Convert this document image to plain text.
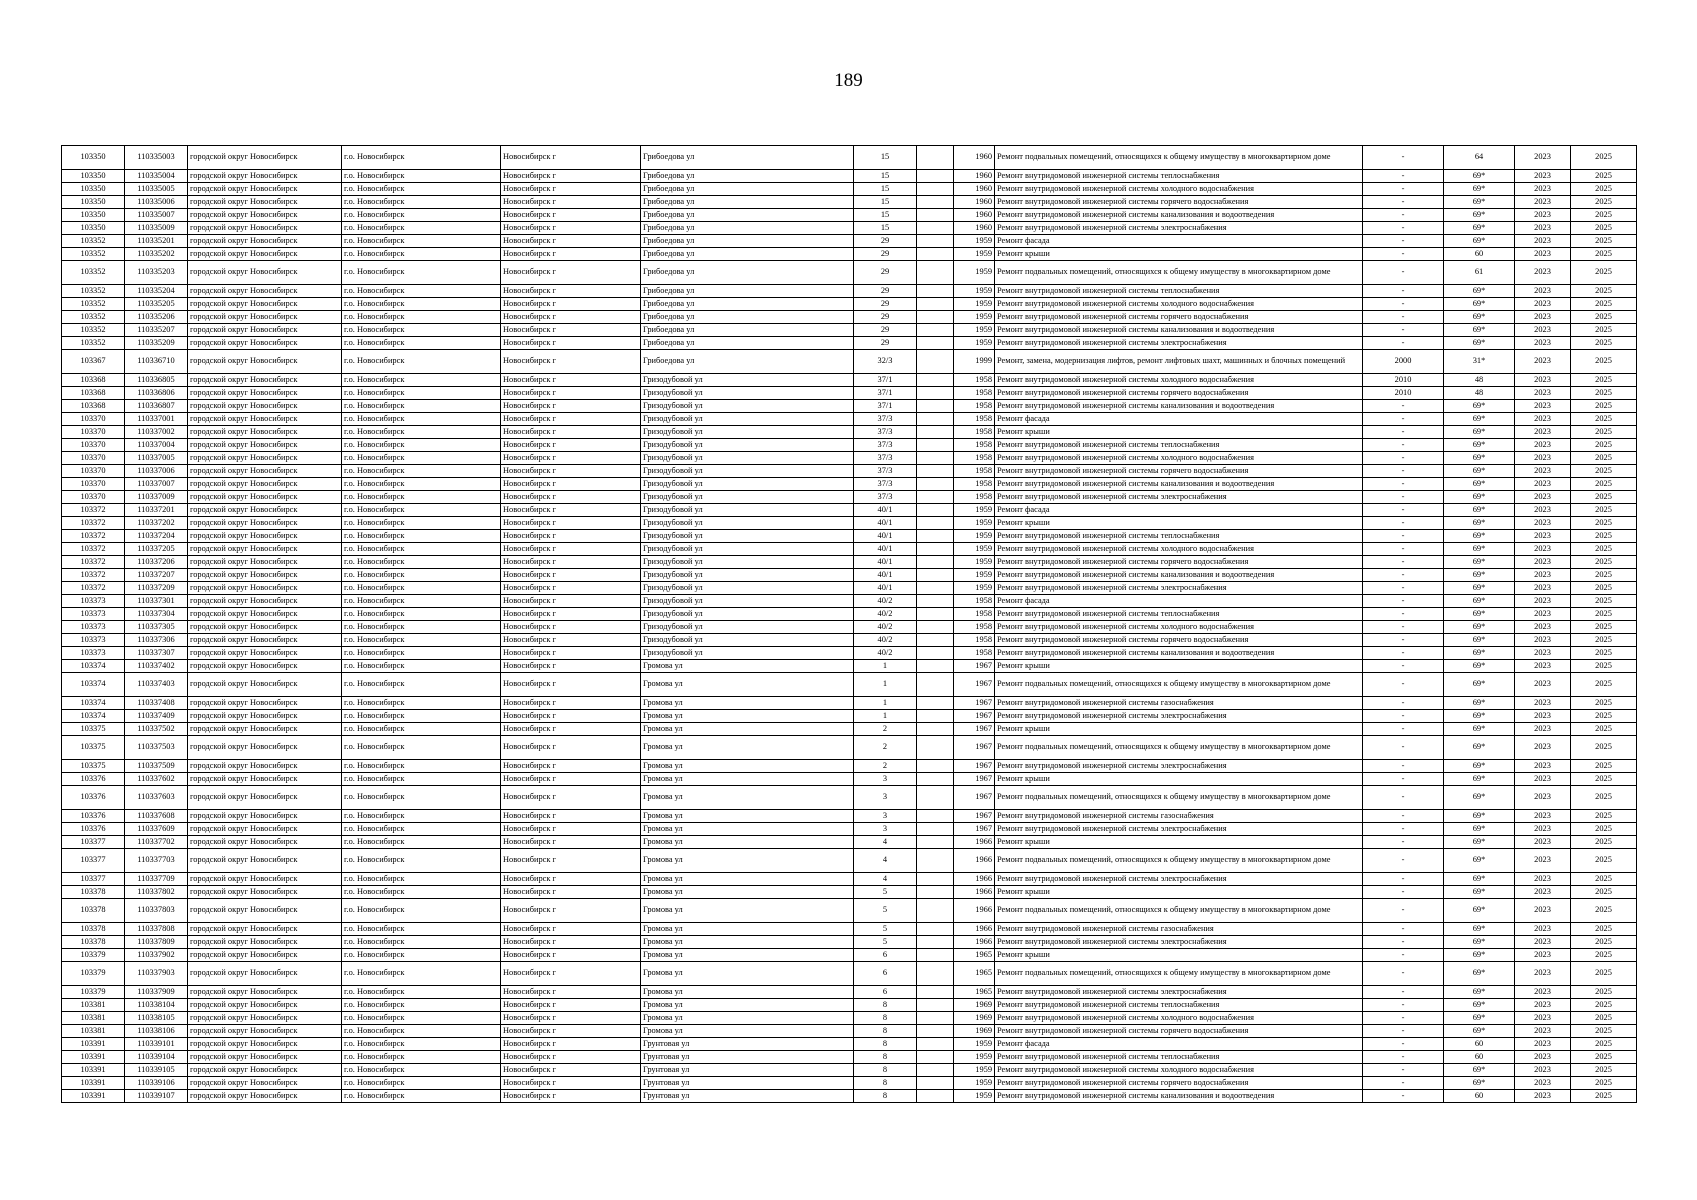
189
103350	110335003	городской округ Новосибирск	г.о. Новосибирск	Новосибирск г	Грибоедова ул	15		1960	Ремонт подвальных помещений, относящихся к общему имуществу в многоквартирном доме	-	64	2023	2025
103350	110335004	городской округ Новосибирск	г.о. Новосибирск	Новосибирск г	Грибоедова ул	15		1960	Ремонт внутридомовой инженерной системы теплоснабжения	-	69*	2023	2025
103350	110335005	городской округ Новосибирск	г.о. Новосибирск	Новосибирск г	Грибоедова ул	15		1960	Ремонт внутридомовой инженерной системы холодного водоснабжения	-	69*	2023	2025
103350	110335006	городской округ Новосибирск	г.о. Новосибирск	Новосибирск г	Грибоедова ул	15		1960	Ремонт внутридомовой инженерной системы горячего водоснабжения	-	69*	2023	2025
103350	110335007	городской округ Новосибирск	г.о. Новосибирск	Новосибирск г	Грибоедова ул	15		1960	Ремонт внутридомовой инженерной системы канализования и водоотведения	-	69*	2023	2025
103350	110335009	городской округ Новосибирск	г.о. Новосибирск	Новосибирск г	Грибоедова ул	15		1960	Ремонт внутридомовой инженерной системы электроснабжения	-	69*	2023	2025
103352	110335201	городской округ Новосибирск	г.о. Новосибирск	Новосибирск г	Грибоедова ул	29		1959	Ремонт фасада	-	69*	2023	2025
103352	110335202	городской округ Новосибирск	г.о. Новосибирск	Новосибирск г	Грибоедова ул	29		1959	Ремонт крыши	-	60	2023	2025
103352	110335203	городской округ Новосибирск	г.о. Новосибирск	Новосибирск г	Грибоедова ул	29		1959	Ремонт подвальных помещений, относящихся к общему имуществу в многоквартирном доме	-	61	2023	2025
103352	110335204	городской округ Новосибирск	г.о. Новосибирск	Новосибирск г	Грибоедова ул	29		1959	Ремонт внутридомовой инженерной системы теплоснабжения	-	69*	2023	2025
103352	110335205	городской округ Новосибирск	г.о. Новосибирск	Новосибирск г	Грибоедова ул	29		1959	Ремонт внутридомовой инженерной системы холодного водоснабжения	-	69*	2023	2025
103352	110335206	городской округ Новосибирск	г.о. Новосибирск	Новосибирск г	Грибоедова ул	29		1959	Ремонт внутридомовой инженерной системы горячего водоснабжения	-	69*	2023	2025
103352	110335207	городской округ Новосибирск	г.о. Новосибирск	Новосибирск г	Грибоедова ул	29		1959	Ремонт внутридомовой инженерной системы канализования и водоотведения	-	69*	2023	2025
103352	110335209	городской округ Новосибирск	г.о. Новосибирск	Новосибирск г	Грибоедова ул	29		1959	Ремонт внутридомовой инженерной системы электроснабжения	-	69*	2023	2025
103367	110336710	городской округ Новосибирск	г.о. Новосибирск	Новосибирск г	Грибоедова ул	32/3		1999	Ремонт, замена, модернизация лифтов, ремонт лифтовых шахт, машинных и блочных помещений	2000	31*	2023	2025
103368	110336805	городской округ Новосибирск	г.о. Новосибирск	Новосибирск г	Гризодубовой ул	37/1		1958	Ремонт внутридомовой инженерной системы холодного водоснабжения	2010	48	2023	2025
103368	110336806	городской округ Новосибирск	г.о. Новосибирск	Новосибирск г	Гризодубовой ул	37/1		1958	Ремонт внутридомовой инженерной системы горячего водоснабжения	2010	48	2023	2025
103368	110336807	городской округ Новосибирск	г.о. Новосибирск	Новосибирск г	Гризодубовой ул	37/1		1958	Ремонт внутридомовой инженерной системы канализования и водоотведения	-	69*	2023	2025
103370	110337001	городской округ Новосибирск	г.о. Новосибирск	Новосибирск г	Гризодубовой ул	37/3		1958	Ремонт фасада	-	69*	2023	2025
103370	110337002	городской округ Новосибирск	г.о. Новосибирск	Новосибирск г	Гризодубовой ул	37/3		1958	Ремонт крыши	-	69*	2023	2025
103370	110337004	городской округ Новосибирск	г.о. Новосибирск	Новосибирск г	Гризодубовой ул	37/3		1958	Ремонт внутридомовой инженерной системы теплоснабжения	-	69*	2023	2025
103370	110337005	городской округ Новосибирск	г.о. Новосибирск	Новосибирск г	Гризодубовой ул	37/3		1958	Ремонт внутридомовой инженерной системы холодного водоснабжения	-	69*	2023	2025
103370	110337006	городской округ Новосибирск	г.о. Новосибирск	Новосибирск г	Гризодубовой ул	37/3		1958	Ремонт внутридомовой инженерной системы горячего водоснабжения	-	69*	2023	2025
103370	110337007	городской округ Новосибирск	г.о. Новосибирск	Новосибирск г	Гризодубовой ул	37/3		1958	Ремонт внутридомовой инженерной системы канализования и водоотведения	-	69*	2023	2025
103370	110337009	городской округ Новосибирск	г.о. Новосибирск	Новосибирск г	Гризодубовой ул	37/3		1958	Ремонт внутридомовой инженерной системы электроснабжения	-	69*	2023	2025
103372	110337201	городской округ Новосибирск	г.о. Новосибирск	Новосибирск г	Гризодубовой ул	40/1		1959	Ремонт фасада	-	69*	2023	2025
103372	110337202	городской округ Новосибирск	г.о. Новосибирск	Новосибирск г	Гризодубовой ул	40/1		1959	Ремонт крыши	-	69*	2023	2025
103372	110337204	городской округ Новосибирск	г.о. Новосибирск	Новосибирск г	Гризодубовой ул	40/1		1959	Ремонт внутридомовой инженерной системы теплоснабжения	-	69*	2023	2025
103372	110337205	городской округ Новосибирск	г.о. Новосибирск	Новосибирск г	Гризодубовой ул	40/1		1959	Ремонт внутридомовой инженерной системы холодного водоснабжения	-	69*	2023	2025
103372	110337206	городской округ Новосибирск	г.о. Новосибирск	Новосибирск г	Гризодубовой ул	40/1		1959	Ремонт внутридомовой инженерной системы горячего водоснабжения	-	69*	2023	2025
103372	110337207	городской округ Новосибирск	г.о. Новосибирск	Новосибирск г	Гризодубовой ул	40/1		1959	Ремонт внутридомовой инженерной системы канализования и водоотведения	-	69*	2023	2025
103372	110337209	городской округ Новосибирск	г.о. Новосибирск	Новосибирск г	Гризодубовой ул	40/1		1959	Ремонт внутридомовой инженерной системы электроснабжения	-	69*	2023	2025
103373	110337301	городской округ Новосибирск	г.о. Новосибирск	Новосибирск г	Гризодубовой ул	40/2		1958	Ремонт фасада	-	69*	2023	2025
103373	110337304	городской округ Новосибирск	г.о. Новосибирск	Новосибирск г	Гризодубовой ул	40/2		1958	Ремонт внутридомовой инженерной системы теплоснабжения	-	69*	2023	2025
103373	110337305	городской округ Новосибирск	г.о. Новосибирск	Новосибирск г	Гризодубовой ул	40/2		1958	Ремонт внутридомовой инженерной системы холодного водоснабжения	-	69*	2023	2025
103373	110337306	городской округ Новосибирск	г.о. Новосибирск	Новосибирск г	Гризодубовой ул	40/2		1958	Ремонт внутридомовой инженерной системы горячего водоснабжения	-	69*	2023	2025
103373	110337307	городской округ Новосибирск	г.о. Новосибирск	Новосибирск г	Гризодубовой ул	40/2		1958	Ремонт внутридомовой инженерной системы канализования и водоотведения	-	69*	2023	2025
103374	110337402	городской округ Новосибирск	г.о. Новосибирск	Новосибирск г	Громова ул	1		1967	Ремонт крыши	-	69*	2023	2025
103374	110337403	городской округ Новосибирск	г.о. Новосибирск	Новосибирск г	Громова ул	1		1967	Ремонт подвальных помещений, относящихся к общему имуществу в многоквартирном доме	-	69*	2023	2025
103374	110337408	городской округ Новосибирск	г.о. Новосибирск	Новосибирск г	Громова ул	1		1967	Ремонт внутридомовой инженерной системы газоснабжения	-	69*	2023	2025
103374	110337409	городской округ Новосибирск	г.о. Новосибирск	Новосибирск г	Громова ул	1		1967	Ремонт внутридомовой инженерной системы электроснабжения	-	69*	2023	2025
103375	110337502	городской округ Новосибирск	г.о. Новосибирск	Новосибирск г	Громова ул	2		1967	Ремонт крыши	-	69*	2023	2025
103375	110337503	городской округ Новосибирск	г.о. Новосибирск	Новосибирск г	Громова ул	2		1967	Ремонт подвальных помещений, относящихся к общему имуществу в многоквартирном доме	-	69*	2023	2025
103375	110337509	городской округ Новосибирск	г.о. Новосибирск	Новосибирск г	Громова ул	2		1967	Ремонт внутридомовой инженерной системы электроснабжения	-	69*	2023	2025
103376	110337602	городской округ Новосибирск	г.о. Новосибирск	Новосибирск г	Громова ул	3		1967	Ремонт крыши	-	69*	2023	2025
103376	110337603	городской округ Новосибирск	г.о. Новосибирск	Новосибирск г	Громова ул	3		1967	Ремонт подвальных помещений, относящихся к общему имуществу в многоквартирном доме	-	69*	2023	2025
103376	110337608	городской округ Новосибирск	г.о. Новосибирск	Новосибирск г	Громова ул	3		1967	Ремонт внутридомовой инженерной системы газоснабжения	-	69*	2023	2025
103376	110337609	городской округ Новосибирск	г.о. Новосибирск	Новосибирск г	Громова ул	3		1967	Ремонт внутридомовой инженерной системы электроснабжения	-	69*	2023	2025
103377	110337702	городской округ Новосибирск	г.о. Новосибирск	Новосибирск г	Громова ул	4		1966	Ремонт крыши	-	69*	2023	2025
103377	110337703	городской округ Новосибирск	г.о. Новосибирск	Новосибирск г	Громова ул	4		1966	Ремонт подвальных помещений, относящихся к общему имуществу в многоквартирном доме	-	69*	2023	2025
103377	110337709	городской округ Новосибирск	г.о. Новосибирск	Новосибирск г	Громова ул	4		1966	Ремонт внутридомовой инженерной системы электроснабжения	-	69*	2023	2025
103378	110337802	городской округ Новосибирск	г.о. Новосибирск	Новосибирск г	Громова ул	5		1966	Ремонт крыши	-	69*	2023	2025
103378	110337803	городской округ Новосибирск	г.о. Новосибирск	Новосибирск г	Громова ул	5		1966	Ремонт подвальных помещений, относящихся к общему имуществу в многоквартирном доме	-	69*	2023	2025
103378	110337808	городской округ Новосибирск	г.о. Новосибирск	Новосибирск г	Громова ул	5		1966	Ремонт внутридомовой инженерной системы газоснабжения	-	69*	2023	2025
103378	110337809	городской округ Новосибирск	г.о. Новосибирск	Новосибирск г	Громова ул	5		1966	Ремонт внутридомовой инженерной системы электроснабжения	-	69*	2023	2025
103379	110337902	городской округ Новосибирск	г.о. Новосибирск	Новосибирск г	Громова ул	6		1965	Ремонт крыши	-	69*	2023	2025
103379	110337903	городской округ Новосибирск	г.о. Новосибирск	Новосибирск г	Громова ул	6		1965	Ремонт подвальных помещений, относящихся к общему имуществу в многоквартирном доме	-	69*	2023	2025
103379	110337909	городской округ Новосибирск	г.о. Новосибирск	Новосибирск г	Громова ул	6		1965	Ремонт внутридомовой инженерной системы электроснабжения	-	69*	2023	2025
103381	110338104	городской округ Новосибирск	г.о. Новосибирск	Новосибирск г	Громова ул	8		1969	Ремонт внутридомовой инженерной системы теплоснабжения	-	69*	2023	2025
103381	110338105	городской округ Новосибирск	г.о. Новосибирск	Новосибирск г	Громова ул	8		1969	Ремонт внутридомовой инженерной системы холодного водоснабжения	-	69*	2023	2025
103381	110338106	городской округ Новосибирск	г.о. Новосибирск	Новосибирск г	Громова ул	8		1969	Ремонт внутридомовой инженерной системы горячего водоснабжения	-	69*	2023	2025
103391	110339101	городской округ Новосибирск	г.о. Новосибирск	Новосибирск г	Грунтовая ул	8		1959	Ремонт фасада	-	60	2023	2025
103391	110339104	городской округ Новосибирск	г.о. Новосибирск	Новосибирск г	Грунтовая ул	8		1959	Ремонт внутридомовой инженерной системы теплоснабжения	-	60	2023	2025
103391	110339105	городской округ Новосибирск	г.о. Новосибирск	Новосибирск г	Грунтовая ул	8		1959	Ремонт внутридомовой инженерной системы холодного водоснабжения	-	69*	2023	2025
103391	110339106	городской округ Новосибирск	г.о. Новосибирск	Новосибирск г	Грунтовая ул	8		1959	Ремонт внутридомовой инженерной системы горячего водоснабжения	-	69*	2023	2025
103391	110339107	городской округ Новосибирск	г.о. Новосибирск	Новосибирск г	Грунтовая ул	8		1959	Ремонт внутридомовой инженерной системы канализования и водоотведения	-	60	2023	2025
